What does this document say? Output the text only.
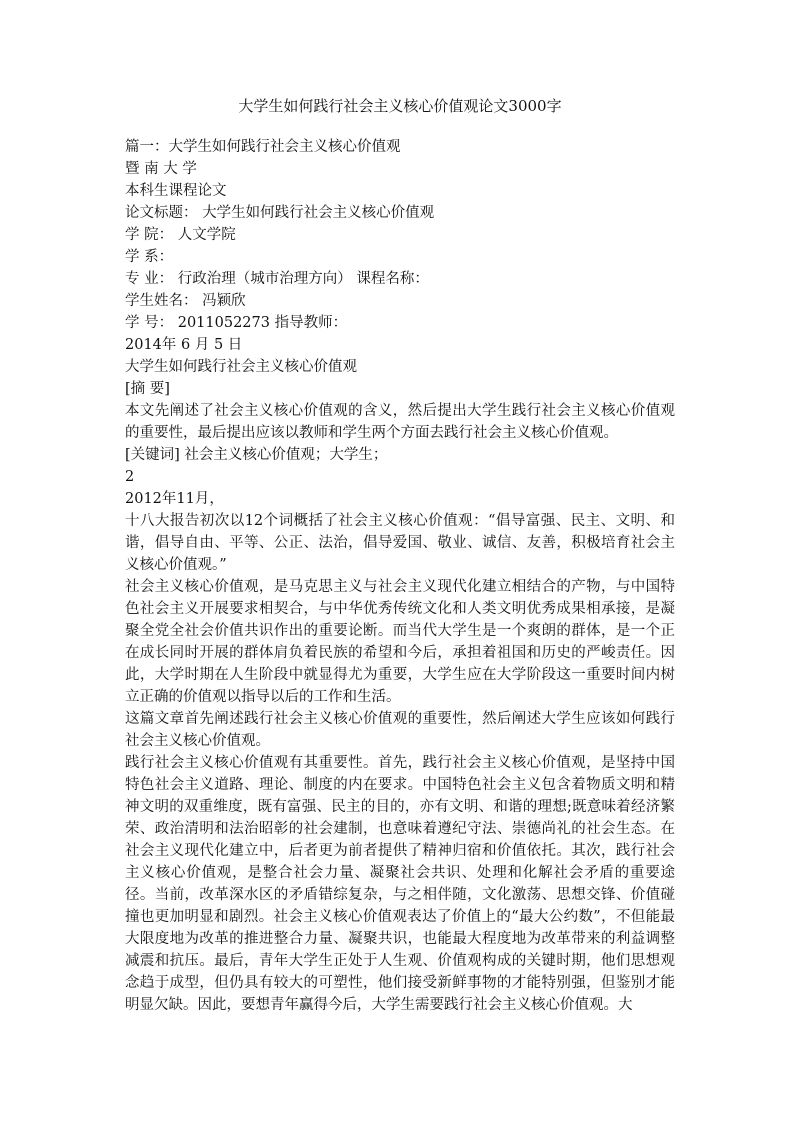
大学生如何践行社会主义核心价值观论文3000字
篇一：大学生如何践行社会主义核心价值观
暨 南 大 学
本科生课程论文
论文标题： 大学生如何践行社会主义核心价值观
学 院： 人文学院
学 系：
专 业： 行政治理（城市治理方向） 课程名称：
学生姓名： 冯颖欣
学 号： 2011052273 指导教师：
2014年 6 月 5 日
大学生如何践行社会主义核心价值观
[摘 要]

本文先阐述了社会主义核心价值观的含义，然后提出大学生践行社会主义核心价值观的重要性，最后提出应该以教师和学生两个方面去践行社会主义核心价值观。

[关键词] 社会主义核心价值观；大学生；
2
2012年11月，

十八大报告初次以12个词概括了社会主义核心价值观：“倡导富强、民主、文明、和谐，倡导自由、平等、公正、法治，倡导爱国、敬业、诚信、友善，积极培育社会主义核心价值观。”

社会主义核心价值观，是马克思主义与社会主义现代化建立相结合的产物，与中国特色社会主义开展要求相契合，与中华优秀传统文化和人类文明优秀成果相承接，是凝聚全党全社会价值共识作出的重要论断。而当代大学生是一个爽朗的群体，是一个正在成长同时开展的群体肩负着民族的希望和今后，承担着祖国和历史的严峻责任。因此，大学时期在人生阶段中就显得尤为重要，大学生应在大学阶段这一重要时间内树立正确的价值观以指导以后的工作和生活。

这篇文章首先阐述践行社会主义核心价值观的重要性，然后阐述大学生应该如何践行社会主义核心价值观。

践行社会主义核心价值观有其重要性。首先，践行社会主义核心价值观，是坚持中国特色社会主义道路、理论、制度的内在要求。中国特色社会主义包含着物质文明和精神文明的双重维度，既有富强、民主的目的，亦有文明、和谐的理想;既意味着经济繁荣、政治清明和法治昭彰的社会建制，也意味着遵纪守法、崇德尚礼的社会生态。在社会主义现代化建立中，后者更为前者提供了精神归宿和价值依托。其次，践行社会主义核心价值观，是整合社会力量、凝聚社会共识、处理和化解社会矛盾的重要途径。当前，改革深水区的矛盾错综复杂，与之相伴随，文化激荡、思想交锋、价值碰撞也更加明显和剧烈。社会主义核心价值观表达了价值上的“最大公约数”，不但能最大限度地为改革的推进整合力量、凝聚共识，也能最大程度地为改革带来的利益调整减震和抗压。最后，青年大学生正处于人生观、价值观构成的关键时期，他们思想观念趋于成型，但仍具有较大的可塑性，他们接受新鲜事物的才能特别强，但鉴别才能明显欠缺。因此，要想青年赢得今后，大学生需要践行社会主义核心价值观。大
